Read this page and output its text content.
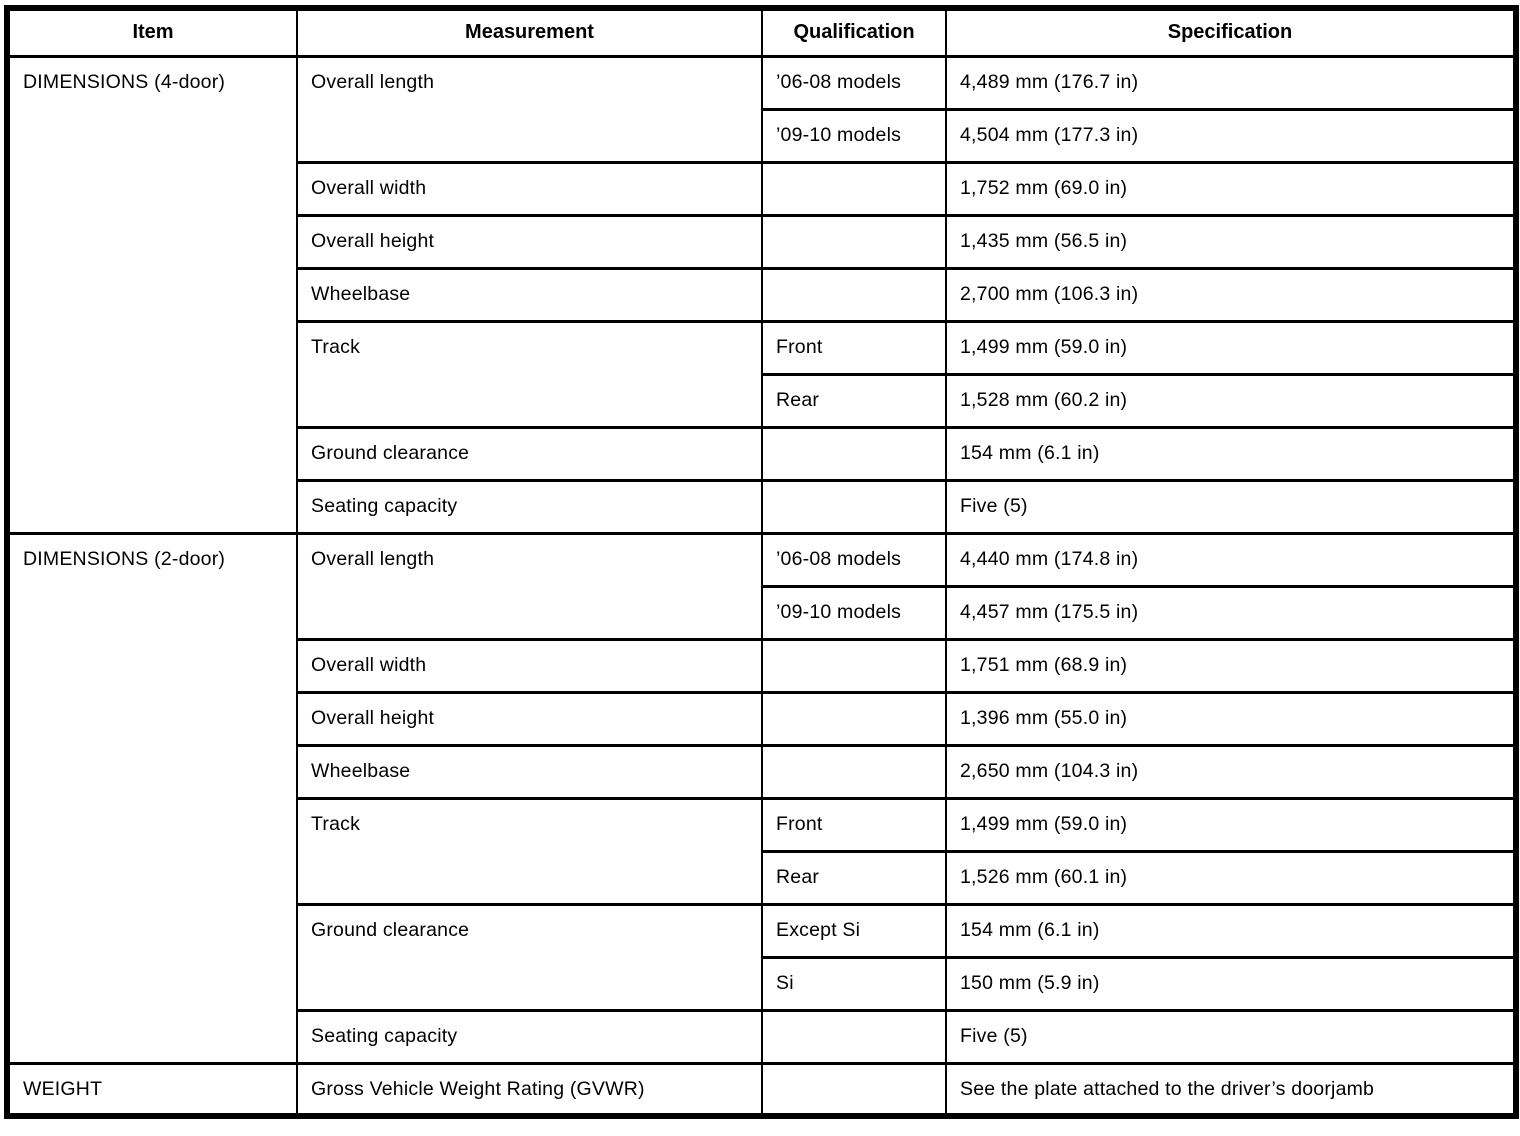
Item	Measurement	Qualification	Specification
DIMENSIONS (4-door)	Overall length	’06-08 models	4,489 mm (176.7 in)
		’09-10 models	4,504 mm (177.3 in)
	Overall width		1,752 mm (69.0 in)
	Overall height		1,435 mm (56.5 in)
	Wheelbase		2,700 mm (106.3 in)
	Track	Front	1,499 mm (59.0 in)
		Rear	1,528 mm (60.2 in)
	Ground clearance		154 mm (6.1 in)
	Seating capacity		Five (5)
DIMENSIONS (2-door)	Overall length	’06-08 models	4,440 mm (174.8 in)
		’09-10 models	4,457 mm (175.5 in)
	Overall width		1,751 mm (68.9 in)
	Overall height		1,396 mm (55.0 in)
	Wheelbase		2,650 mm (104.3 in)
	Track	Front	1,499 mm (59.0 in)
		Rear	1,526 mm (60.1 in)
	Ground clearance	Except Si	154 mm (6.1 in)
		Si	150 mm (5.9 in)
	Seating capacity		Five (5)
WEIGHT	Gross Vehicle Weight Rating (GVWR)		See the plate attached to the driver’s doorjamb
